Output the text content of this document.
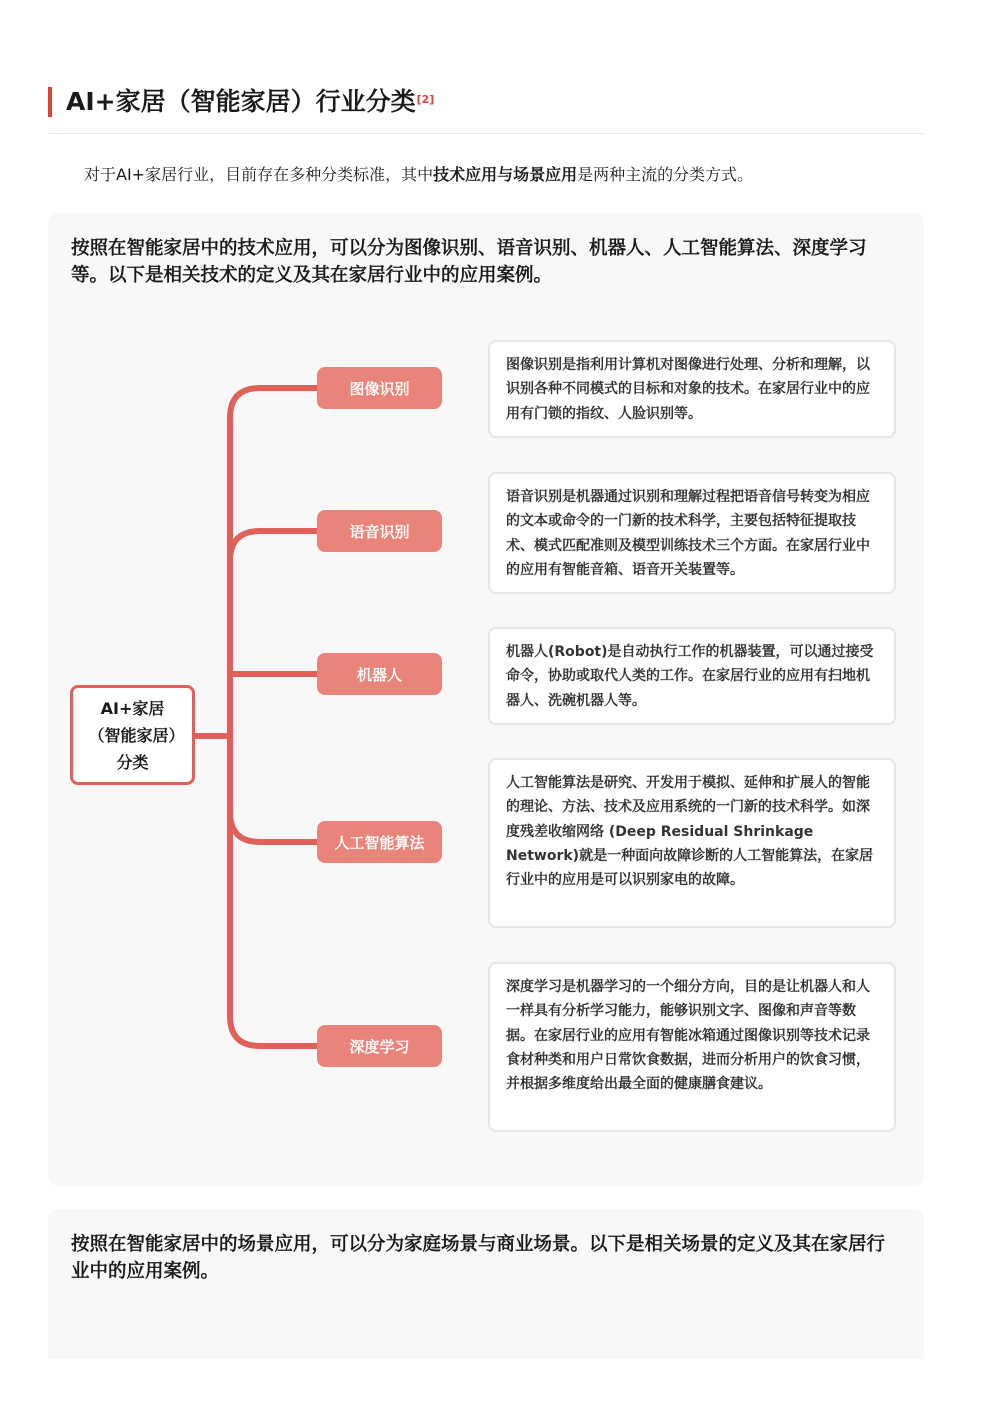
AI+家居（智能家居）行业分类[2]
对于AI+家居行业，目前存在多种分类标准，其中技术应用与场景应用是两种主流的分类方式。
按照在智能家居中的技术应用，可以分为图像识别、语音识别、机器人、人工智能算法、深度学习等。以下是相关技术的定义及其在家居行业中的应用案例。
AI+家居（智能家居）分类
图像识别
语音识别
机器人
人工智能算法
深度学习
图像识别是指利用计算机对图像进行处理、分析和理解，以识别各种不同模式的目标和对象的技术。在家居行业中的应用有门锁的指纹、人脸识别等。
语音识别是机器通过识别和理解过程把语音信号转变为相应的文本或命令的一门新的技术科学，主要包括特征提取技术、模式匹配准则及模型训练技术三个方面。在家居行业中的应用有智能音箱、语音开关装置等。
机器人(Robot)是自动执行工作的机器装置，可以通过接受命令，协助或取代人类的工作。在家居行业的应用有扫地机器人、洗碗机器人等。
人工智能算法是研究、开发用于模拟、延伸和扩展人的智能的理论、方法、技术及应用系统的一门新的技术科学。如深度残差收缩网络 (Deep Residual Shrinkage Network)就是一种面向故障诊断的人工智能算法，在家居行业中的应用是可以识别家电的故障。
深度学习是机器学习的一个细分方向，目的是让机器人和人一样具有分析学习能力，能够识别文字、图像和声音等数据。在家居行业的应用有智能冰箱通过图像识别等技术记录食材种类和用户日常饮食数据，进而分析用户的饮食习惯，并根据多维度给出最全面的健康膳食建议。
按照在智能家居中的场景应用，可以分为家庭场景与商业场景。以下是相关场景的定义及其在家居行业中的应用案例。
